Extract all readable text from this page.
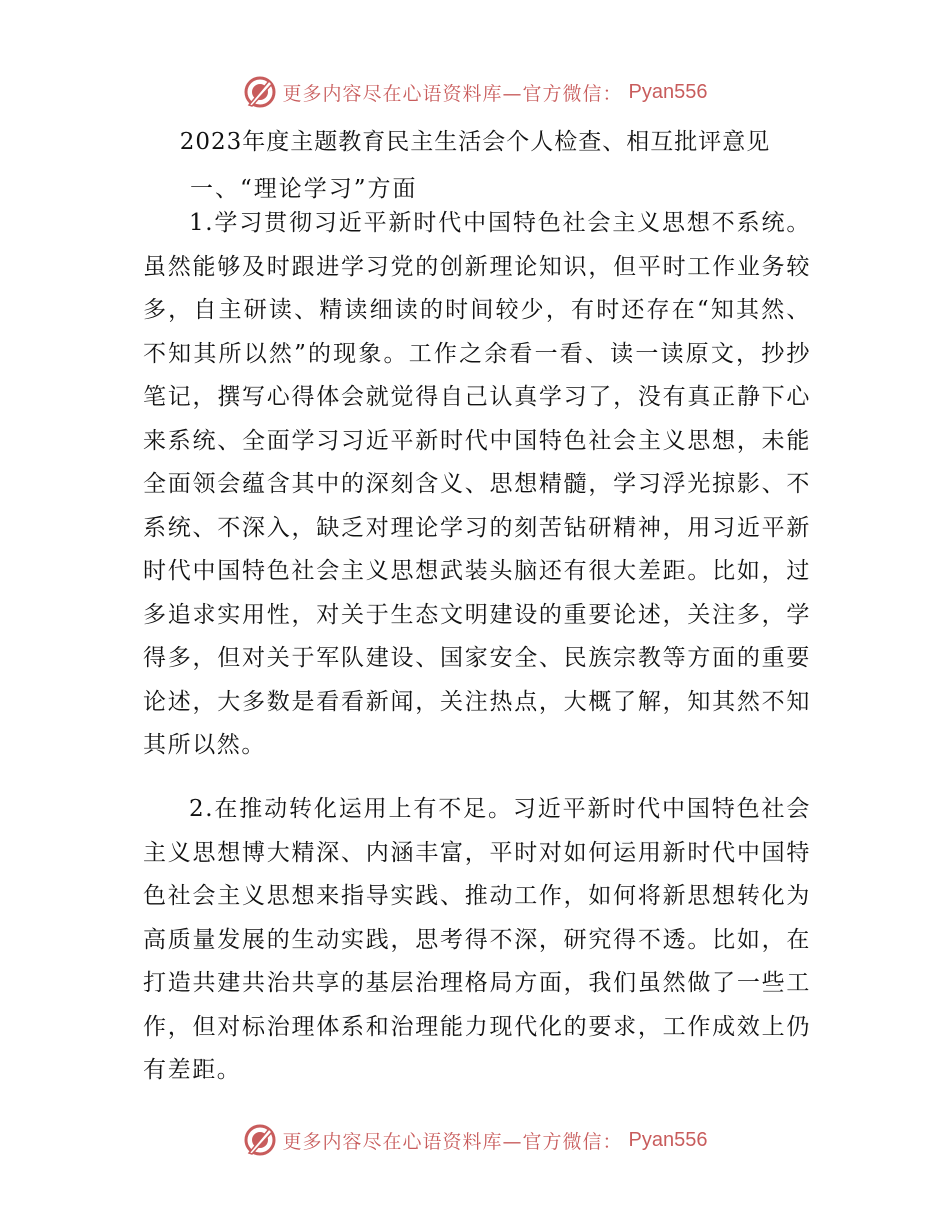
更多内容尽在心语资料库—官方微信： Pyan556
2023年度主题教育民主生活会个人检查、相互批评意见
一、“理论学习”方面

1.学习贯彻习近平新时代中国特色社会主义思想不系统。虽然能够及时跟进学习党的创新理论知识，但平时工作业务较多，自主研读、精读细读的时间较少，有时还存在“知其然、不知其所以然”的现象。工作之余看一看、读一读原文，抄抄笔记，撰写心得体会就觉得自己认真学习了，没有真正静下心来系统、全面学习习近平新时代中国特色社会主义思想，未能全面领会蕴含其中的深刻含义、思想精髓，学习浮光掠影、不系统、不深入，缺乏对理论学习的刻苦钻研精神，用习近平新时代中国特色社会主义思想武装头脑还有很大差距。比如，过多追求实用性，对关于生态文明建设的重要论述，关注多，学得多，但对关于军队建设、国家安全、民族宗教等方面的重要论述，大多数是看看新闻，关注热点，大概了解，知其然不知其所以然。

2.在推动转化运用上有不足。习近平新时代中国特色社会主义思想博大精深、内涵丰富，平时对如何运用新时代中国特色社会主义思想来指导实践、推动工作，如何将新思想转化为高质量发展的生动实践，思考得不深，研究得不透。比如，在打造共建共治共享的基层治理格局方面，我们虽然做了一些工作，但对标治理体系和治理能力现代化的要求，工作成效上仍有差距。

更多内容尽在心语资料库—官方微信： Pyan556
